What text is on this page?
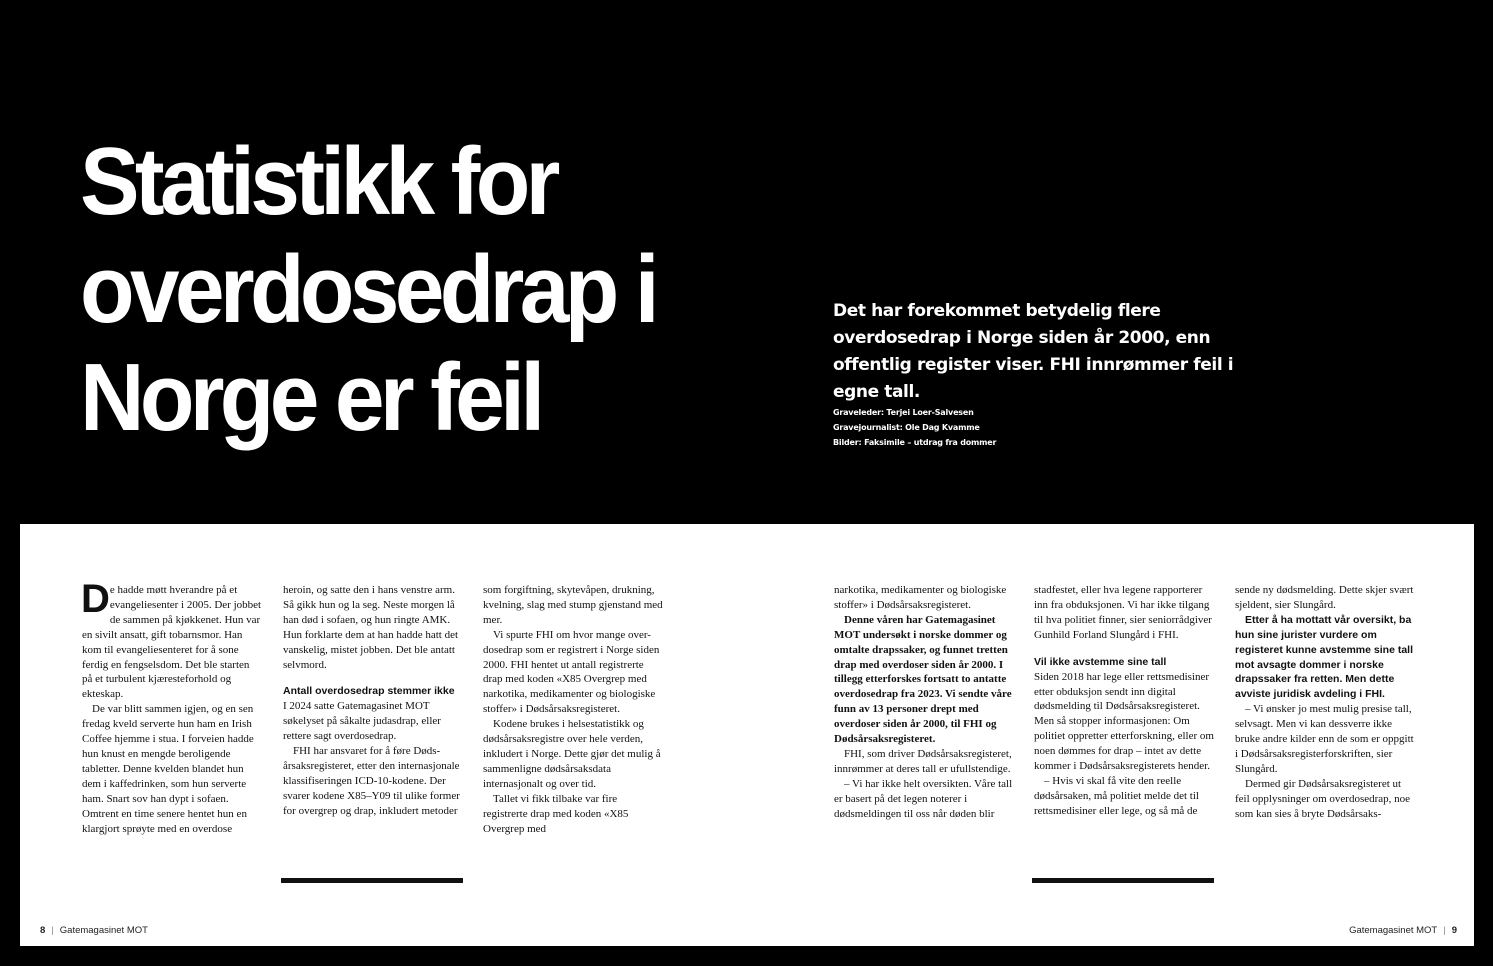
Statistikk for
overdosedrap i
Norge er feil

Det har forekommet betydelig flere overdosedrap i Norge siden år 2000, enn offentlig register viser. FHI innrømmer feil i egne tall.

Graveleder: Terjei Loer-Salvesen
Gravejournalist: Ole Dag Kvamme
Bilder: Faksimile – utdrag fra dommer

De hadde møtt hverandre på et evangeliesenter i 2005. Der jobbet de sammen på kjøkkenet. Hun var en sivilt ansatt, gift tobarnsmor. Han kom til evangeliesenteret for å sone ferdig en fengselsdom. Det ble starten på et turbulent kjæresteforhold og ekteskap.

De var blitt sammen igjen, og en sen fredag kveld serverte hun ham en Irish Coffee hjemme i stua. I forveien hadde hun knust en mengde beroligende tabletter. Denne kvelden blandet hun dem i kaffedrinken, som hun serverte ham. Snart sov han dypt i sofaen. Omtrent en time senere hentet hun en klargjort sprøyte med en overdose

heroin, og satte den i hans venstre arm. Så gikk hun og la seg. Neste morgen lå han død i sofaen, og hun ringte AMK. Hun forklarte dem at han hadde hatt det vanskelig, mistet jobben. Det ble antatt selvmord.

Antall overdosedrap stemmer ikke

I 2024 satte Gatemagasinet MOT søkelyset på såkalte judasdrap, eller rettere sagt overdosedrap.

FHI har ansvaret for å føre Døds-årsaksregisteret, etter den internasjonale klassifiseringen ICD-10-kodene. Der svarer kodene X85–Y09 til ulike former for overgrep og drap, inkludert metoder

som forgiftning, skytevåpen, drukning, kvelning, slag med stump gjenstand med mer.

Vi spurte FHI om hvor mange over-dosedrap som er registrert i Norge siden 2000. FHI hentet ut antall registrerte drap med koden «X85 Overgrep med narkotika, medikamenter og biologiske stoffer» i Dødsårsaksregisteret.

Kodene brukes i helsestatistikk og dødsårsaksregistre over hele verden, inkludert i Norge. Dette gjør det mulig å sammenligne dødsårsaksdata internasjonalt og over tid.

Tallet vi fikk tilbake var fire registrerte drap med koden «X85 Overgrep med

narkotika, medikamenter og biologiske stoffer» i Dødsårsaksregisteret.

Denne våren har Gatemagasinet MOT undersøkt i norske dommer og omtalte drapssaker, og funnet tretten drap med overdoser siden år 2000. I tillegg etterforskes fortsatt to antatte overdosedrap fra 2023. Vi sendte våre funn av 13 personer drept med overdoser siden år 2000, til FHI og Dødsårsaksregisteret.

FHI, som driver Dødsårsaksregisteret, innrømmer at deres tall er ufullstendige.

– Vi har ikke helt oversikten. Våre tall er basert på det legen noterer i dødsmeldingen til oss når døden blir

stadfestet, eller hva legene rapporterer inn fra obduksjonen. Vi har ikke tilgang til hva politiet finner, sier seniorrådgiver Gunhild Forland Slungård i FHI.

Vil ikke avstemme sine tall

Siden 2018 har lege eller rettsmedisiner etter obduksjon sendt inn digital dødsmelding til Dødsårsaksregisteret. Men så stopper informasjonen: Om politiet oppretter etterforskning, eller om noen dømmes for drap – intet av dette kommer i Dødsårsaksregisterets hender.

– Hvis vi skal få vite den reelle dødsårsaken, må politiet melde det til rettsmedisiner eller lege, og så må de

sende ny dødsmelding. Dette skjer svært sjeldent, sier Slungård.

Etter å ha mottatt vår oversikt, ba hun sine jurister vurdere om registeret kunne avstemme sine tall mot avsagte dommer i norske drapssaker fra retten. Men dette avviste juridisk avdeling i FHI.

– Vi ønsker jo mest mulig presise tall, selvsagt. Men vi kan dessverre ikke bruke andre kilder enn de som er oppgitt i Dødsårsaksregisterforskriften, sier Slungård.

Dermed gir Dødsårsaksregisteret ut feil opplysninger om overdosedrap, noe som kan sies å bryte Dødsårsaks-

8 | Gatemagasinet MOT	Gatemagasinet MOT | 9
